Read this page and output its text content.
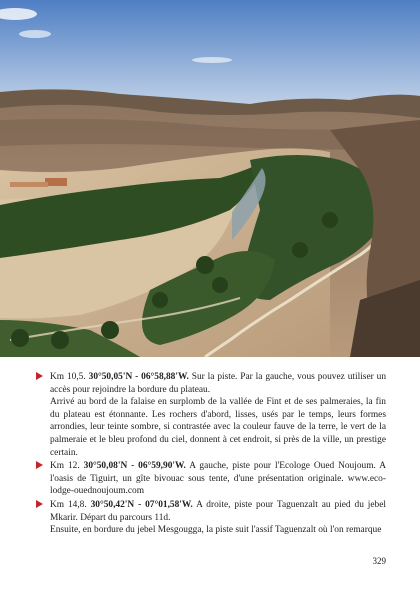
Km 10,5. 30°50,05'N - 06°58,88'W. Sur la piste. Par la gauche, vous pouvez utiliser un accès pour rejoindre la bordure du plateau.

Arrivé au bord de la falaise en surplomb de la vallée de Fint et de ses palmeraies, la fin du plateau est étonnante. Les rochers d'abord, lisses, usés par le temps, leurs formes arrondies, leur teinte sombre, si contrastée avec la couleur fauve de la terre, le vert de la palmeraie et le bleu profond du ciel, donnent à cet endroit, si près de la ville, un prestige certain.

Km 12. 30°50,08'N - 06°59,90'W. A gauche, piste pour l'Ecologe Oued Noujoum. A l'oasis de Tiguirt, un gîte bivouac sous tente, d'une présentation originale. www.eco-lodge-ouednoujoum.com

Km 14,8. 30°50,42'N - 07°01,58'W. A droite, piste pour Taguenzalt au pied du jebel Mkarir. Départ du parcours 11d.

Ensuite, en bordure du jebel Mesgougga, la piste suit l'assif Taguenzalt où l'on remarque

329
